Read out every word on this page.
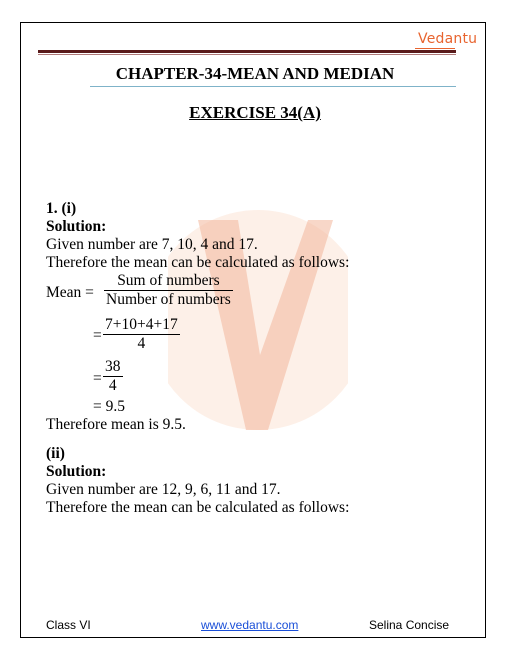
Vedantu
CHAPTER-34-MEAN AND MEDIAN
EXERCISE 34(A)
1. (i)
Solution:
Given number are 7, 10, 4 and 17.
Therefore the mean can be calculated as follows:
Mean =
Sum of numbers
Number of numbers
=
7+10+4+17
4
=
38
4
= 9.5
Therefore mean is 9.5.
(ii)
Solution:
Given number are 12, 9, 6, 11 and 17.
Therefore the mean can be calculated as follows:
Class VI	www.vedantu.com	Selina Concise
